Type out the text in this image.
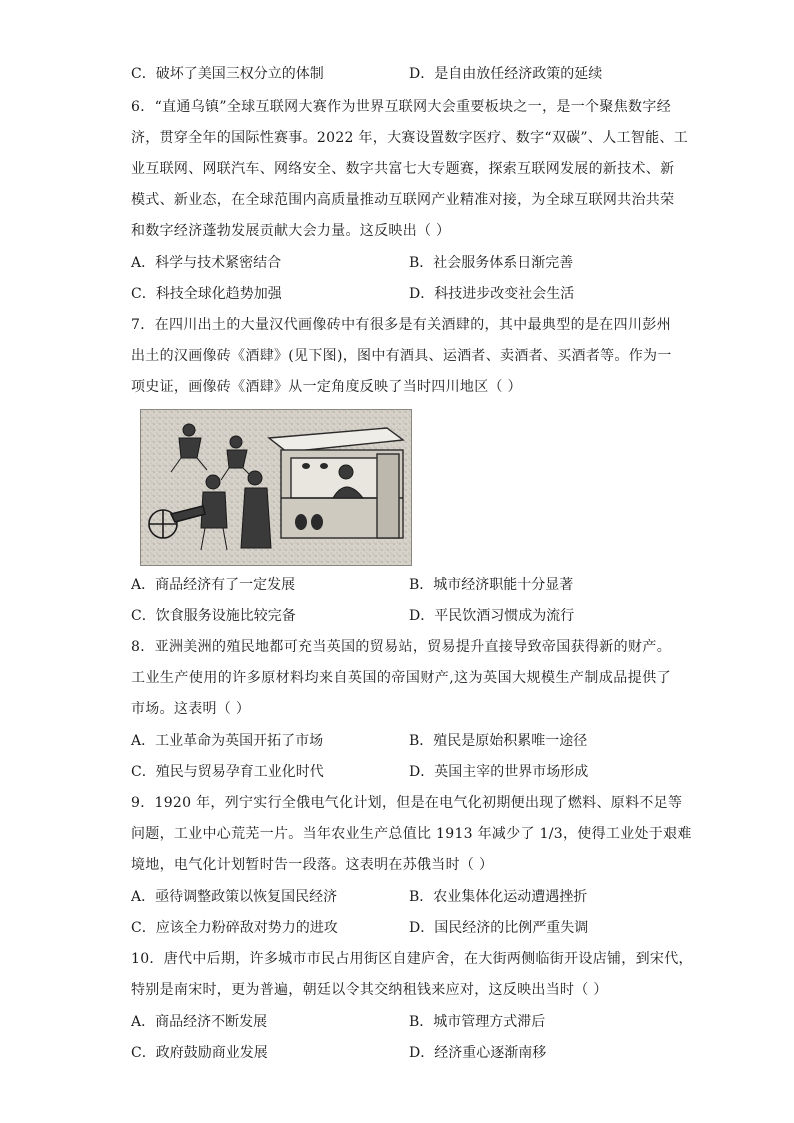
C．破坏了美国三权分立的体制	D．是自由放任经济政策的延续
6．“直通乌镇”全球互联网大赛作为世界互联网大会重要板块之一，是一个聚焦数字经
济，贯穿全年的国际性赛事。2022 年，大赛设置数字医疗、数字“双碳”、人工智能、工
业互联网、网联汽车、网络安全、数字共富七大专题赛，探索互联网发展的新技术、新
模式、新业态，在全球范围内高质量推动互联网产业精准对接，为全球互联网共治共荣
和数字经济蓬勃发展贡献大会力量。这反映出（ ）
A．科学与技术紧密结合	B．社会服务体系日渐完善
C．科技全球化趋势加强	D．科技进步改变社会生活
7．在四川出土的大量汉代画像砖中有很多是有关酒肆的，其中最典型的是在四川彭州
出土的汉画像砖《酒肆》(见下图)，图中有酒具、运酒者、卖酒者、买酒者等。作为一
项史证，画像砖《酒肆》从一定角度反映了当时四川地区（ ）
A．商品经济有了一定发展	B．城市经济职能十分显著
C．饮食服务设施比较完备	D．平民饮酒习惯成为流行
8．亚洲美洲的殖民地都可充当英国的贸易站，贸易提升直接导致帝国获得新的财产。
工业生产使用的许多原材料均来自英国的帝国财产,这为英国大规模生产制成品提供了
市场。这表明（ ）
A．工业革命为英国开拓了市场	B．殖民是原始积累唯一途径
C．殖民与贸易孕育工业化时代	D．英国主宰的世界市场形成
9．1920 年，列宁实行全俄电气化计划，但是在电气化初期便出现了燃料、原料不足等
问题，工业中心荒芜一片。当年农业生产总值比 1913 年减少了 1/3，使得工业处于艰难
境地，电气化计划暂时告一段落。这表明在苏俄当时（ ）
A．亟待调整政策以恢复国民经济	B．农业集体化运动遭遇挫折
C．应该全力粉碎敌对势力的进攻	D．国民经济的比例严重失调
10．唐代中后期，许多城市市民占用街区自建庐舍，在大街两侧临街开设店铺，到宋代，
特别是南宋时，更为普遍，朝廷以令其交纳租钱来应对，这反映出当时（ ）
A．商品经济不断发展	B．城市管理方式滞后
C．政府鼓励商业发展	D．经济重心逐渐南移
